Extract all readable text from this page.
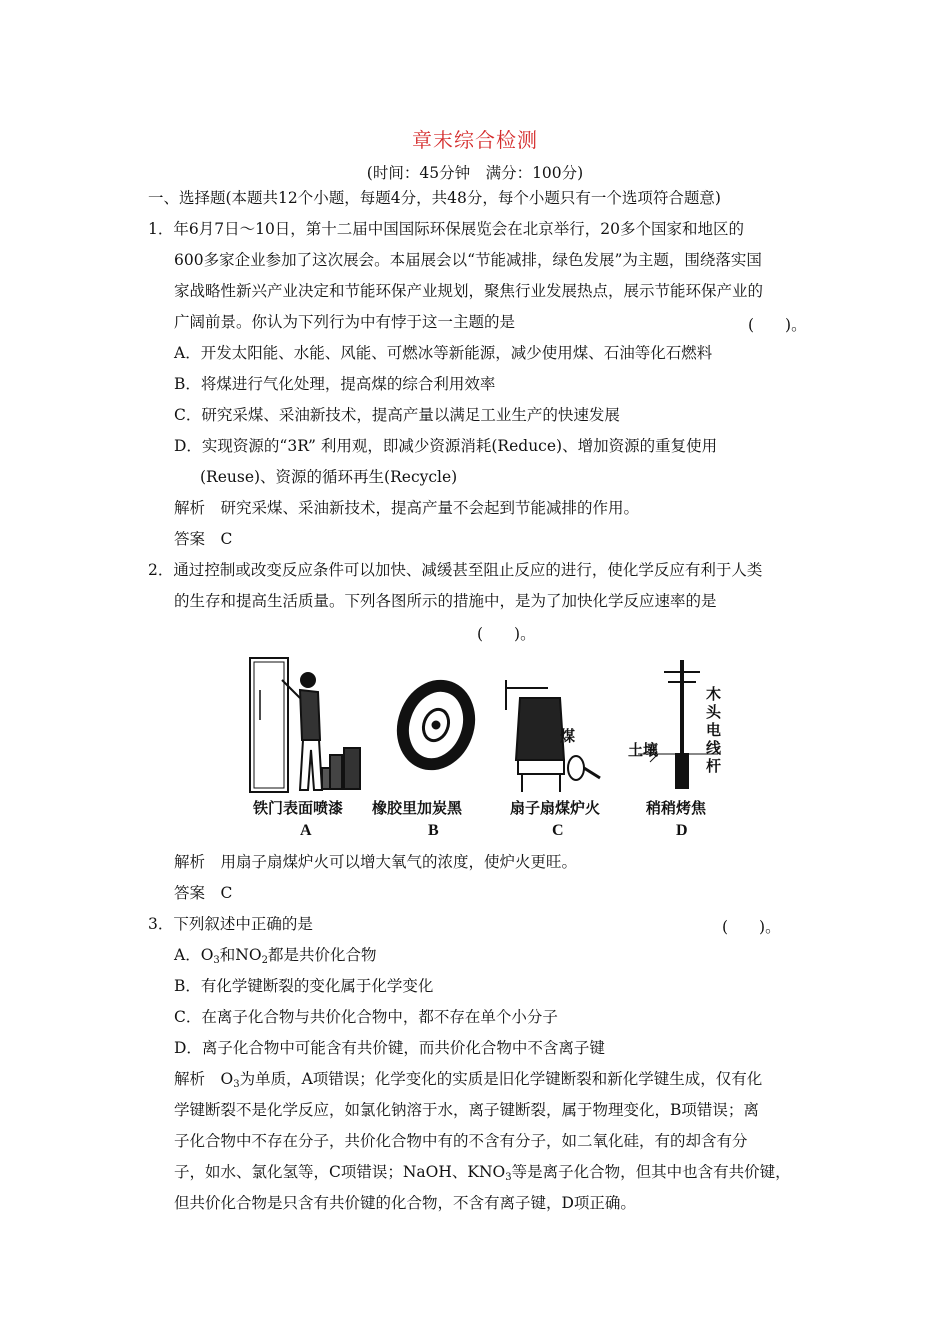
章末综合检测
(时间：45分钟　满分：100分)
一、选择题(本题共12个小题，每题4分，共48分，每个小题只有一个选项符合题意)
1．年6月7日～10日，第十二届中国国际环保展览会在北京举行，20多个国家和地区的
600多家企业参加了这次展会。本届展会以“节能减排，绿色发展”为主题，围绕落实国
家战略性新兴产业决定和节能环保产业规划，聚焦行业发展热点，展示节能环保产业的
广阔前景。你认为下列行为中有悖于这一主题的是	(　　)。
A．开发太阳能、水能、风能、可燃冰等新能源，减少使用煤、石油等化石燃料
B．将煤进行气化处理，提高煤的综合利用效率
C．研究采煤、采油新技术，提高产量以满足工业生产的快速发展
D．实现资源的“3R” 利用观，即减少资源消耗(Reduce)、增加资源的重复使用
(Reuse)、资源的循环再生(Recycle)
解析　研究采煤、采油新技术，提高产量不会起到节能减排的作用。
答案　C
2．通过控制或改变反应条件可以加快、减缓甚至阻止反应的进行，使化学反应有利于人类
的生存和提高生活质量。下列各图所示的措施中，是为了加快化学反应速率的是
(　　)。
煤
土壤
木
头
电
线
杆
铁门表面喷漆 橡胶里加炭黑	扇子扇煤炉火	稍稍烤焦
A	B	C	D
解析　用扇子扇煤炉火可以增大氧气的浓度，使炉火更旺。
答案　C
3．下列叙述中正确的是	(　　)。
A．$O_3$和$NO_2$都是共价化合物
B．有化学键断裂的变化属于化学变化
C．在离子化合物与共价化合物中，都不存在单个小分子
D．离子化合物中可能含有共价键，而共价化合物中不含离子键
解析　$O_3$为单质，A项错误；化学变化的实质是旧化学键断裂和新化学键生成，仅有化
学键断裂不是化学反应，如氯化钠溶于水，离子键断裂，属于物理变化，B项错误；离
子化合物中不存在分子，共价化合物中有的不含有分子，如二氧化硅，有的却含有分
子，如水、氯化氢等，C项错误；NaOH、$KNO_3$等是离子化合物，但其中也含有共价键，
但共价化合物是只含有共价键的化合物，不含有离子键，D项正确。
